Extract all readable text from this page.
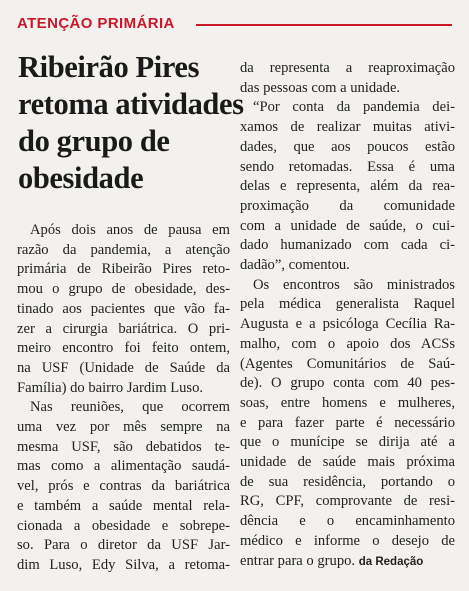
ATENÇÃO PRIMÁRIA
Ribeirão Pires
retoma atividades
do grupo de
obesidade
Após dois anos de pausa em
razão da pandemia, a atenção
primária de Ribeirão Pires reto-
mou o grupo de obesidade, des-
tinado aos pacientes que vão fa-
zer a cirurgia bariátrica. O pri-
meiro encontro foi feito ontem,
na USF (Unidade de Saúde da
Família) do bairro Jardim Luso.
Nas reuniões, que ocorrem
uma vez por mês sempre na
mesma USF, são debatidos te-
mas como a alimentação saudá-
vel, prós e contras da bariátrica
e também a saúde mental rela-
cionada a obesidade e sobrepe-
so. Para o diretor da USF Jar-
dim Luso, Edy Silva, a retoma-
da representa a reaproximação
das pessoas com a unidade.
“Por conta da pandemia dei-
xamos de realizar muitas ativi-
dades, que aos poucos estão
sendo retomadas. Essa é uma
delas e representa, além da rea-
proximação da comunidade
com a unidade de saúde, o cui-
dado humanizado com cada ci-
dadão”, comentou.
Os encontros são ministrados
pela médica generalista Raquel
Augusta e a psicóloga Cecília Ra-
malho, com o apoio dos ACSs
(Agentes Comunitários de Saú-
de). O grupo conta com 40 pes-
soas, entre homens e mulheres,
e para fazer parte é necessário
que o munícipe se dirija até a
unidade de saúde mais próxima
de sua residência, portando o
RG, CPF, comprovante de resi-
dência e o encaminhamento
médico e informe o desejo de
entrar para o grupo. da Redação
